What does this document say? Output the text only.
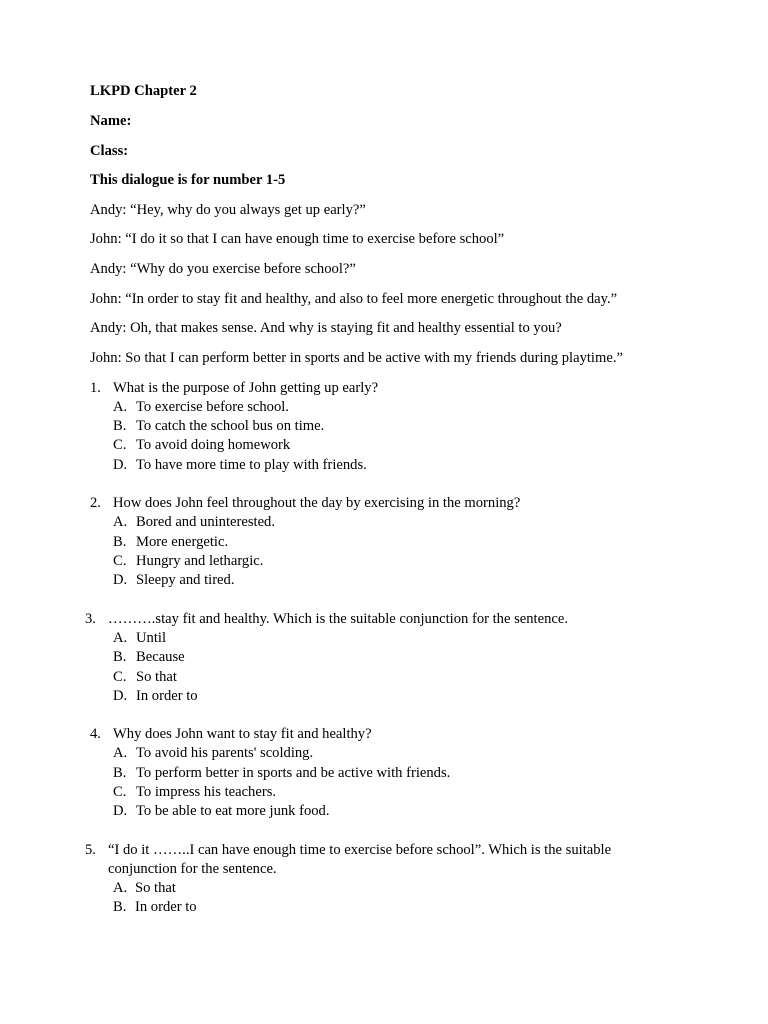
LKPD Chapter 2
Name:
Class:
This dialogue is for number 1-5
Andy: “Hey, why do you always get up early?”
John: “I do it so that I can have enough time to exercise before school”
Andy: “Why do you exercise before school?”
John: “In order to stay fit and healthy, and also to feel more energetic throughout the day.”
Andy: Oh, that makes sense. And why is staying fit and healthy essential to you?
John: So that I can perform better in sports and be active with my friends during playtime.”
1. What is the purpose of John getting up early?
A. To exercise before school.
B. To catch the school bus on time.
C. To avoid doing homework
D. To have more time to play with friends.
2. How does John feel throughout the day by exercising in the morning?
A. Bored and uninterested.
B. More energetic.
C. Hungry and lethargic.
D. Sleepy and tired.
3. ……….stay fit and healthy. Which is the suitable conjunction for the sentence.
A. Until
B. Because
C. So that
D. In order to
4. Why does John want to stay fit and healthy?
A. To avoid his parents' scolding.
B. To perform better in sports and be active with friends.
C. To impress his teachers.
D. To be able to eat more junk food.
5. “I do it ……..I can have enough time to exercise before school”. Which is the suitable
conjunction for the sentence.
A. So that
B. In order to
